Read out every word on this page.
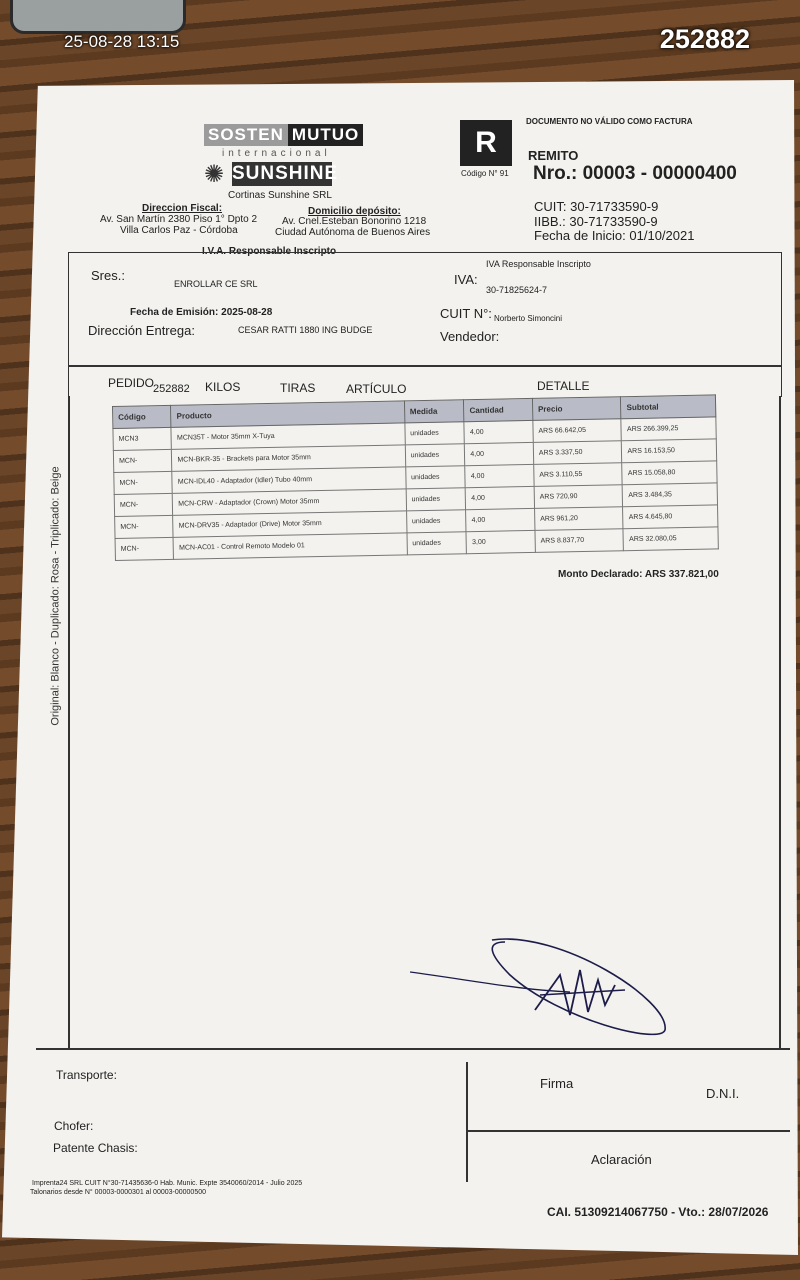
SOSTEN MUTUO
internacional
✺ SUNSHINE
Cortinas Sunshine SRL
Direccion Fiscal:
Av. San Martín 2380 Piso 1° Dpto 2
Villa Carlos Paz - Córdoba
Domicilio depósito:
Av. Cnel.Esteban Bonorino 1218
Ciudad Autónoma de Buenos Aires
I.V.A. Responsable Inscripto
R
Código N° 91
DOCUMENTO NO VÁLIDO COMO FACTURA
REMITO
Nro.: 00003 - 00000400
CUIT: 30-71733590-9
IIBB.: 30-71733590-9
Fecha de Inicio: 01/10/2021
Sres.:
ENROLLAR CE SRL	IVA:
IVA Responsable Inscripto
30-71825624-7
Fecha de Emisión: 2025-08-28	CUIT N°: Norberto Simoncini
Dirección Entrega:	CESAR RATTI 1880 ING BUDGE	Vendedor:
PEDIDO
252882 KILOS	TIRAS	ARTÍCULO	DETALLE
Código	Producto	Medida	Cantidad	Precio	Subtotal
MCN3	MCN35T - Motor 35mm X-Tuya	unidades	4,00	ARS 66.642,05	ARS 266.399,25
MCN-	MCN-BKR-35 - Brackets para Motor 35mm	unidades	4,00	ARS 3.337,50	ARS 16.153,50
MCN-	MCN-IDL40 - Adaptador (Idler) Tubo 40mm	unidades	4,00	ARS 3.110,55	ARS 15.058,80
MCN-	MCN-CRW - Adaptador (Crown) Motor 35mm	unidades	4,00	ARS 720,90	ARS 3.484,35
MCN-	MCN-DRV35 - Adaptador (Drive) Motor 35mm	unidades	4,00	ARS 961,20	ARS 4.645,80
MCN-	MCN-AC01 - Control Remoto Modelo 01	unidades	3,00	ARS 8.837,70	ARS 32.080,05
Monto Declarado: ARS 337.821,00
Original: Blanco - Duplicado: Rosa - Triplicado: Beige
Transporte:
Chofer:
Patente Chasis:
Firma
D.N.I.
Aclaración
Imprenta24 SRL CUIT N°30-71435636-0 Hab. Munic. Expte 3540060/2014 - Julio 2025
Talonarios desde N° 00003-0000301 al 00003-00000500
CAI. 51309214067750 - Vto.: 28/07/2026
25-08-28 13:15	252882
